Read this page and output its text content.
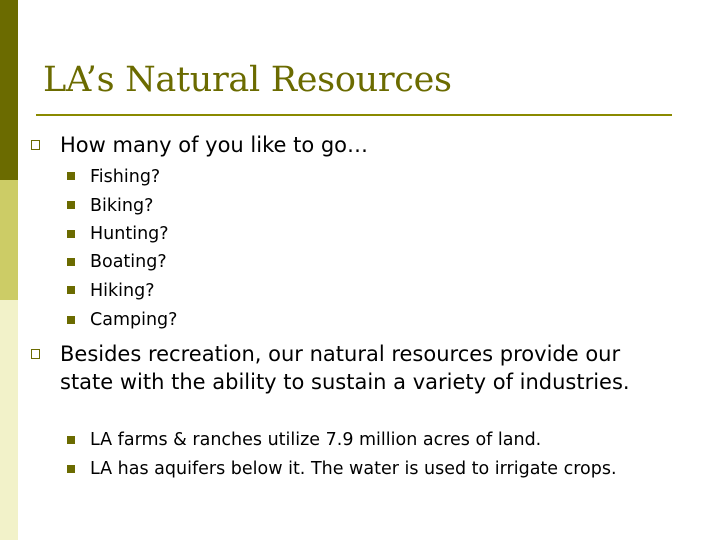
LA’s Natural Resources
How many of you like to go…
Fishing?
Biking?
Hunting?
Boating?
Hiking?
Camping?
Besides recreation, our natural resources provide our state with the ability to sustain a variety of industries.
LA farms & ranches utilize 7.9 million acres of land.
LA has aquifers below it. The water is used to irrigate crops.
